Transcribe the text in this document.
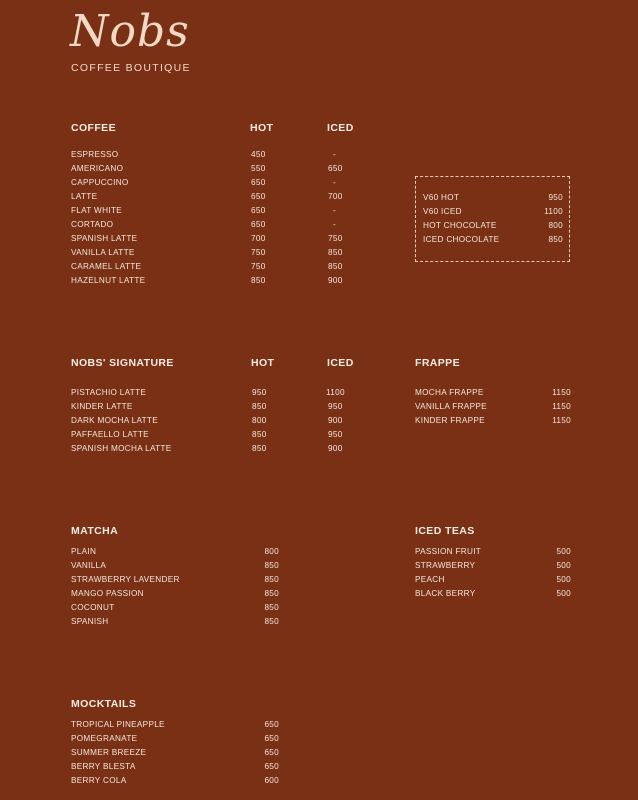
Nobs
COFFEE BOUTIQUE
COFFEE	HOT	ICED
ESPRESSO	450	-
AMERICANO	550	650
CAPPUCCINO	650	-
LATTE	650	700
FLAT WHITE	650	-
CORTADO	650	-
SPANISH LATTE	700	750
VANILLA LATTE	750	850
CARAMEL LATTE	750	850
HAZELNUT LATTE	850	900
V60 HOT	950
V60 ICED	1100
HOT CHOCOLATE	800
ICED CHOCOLATE	850
NOBS' SIGNATURE	HOT	ICED
PISTACHIO LATTE	950	1100
KINDER LATTE	850	950
DARK MOCHA LATTE	800	900
PAFFAELLO LATTE	850	950
SPANISH MOCHA LATTE	850	900
FRAPPE
MOCHA FRAPPE	1150
VANILLA FRAPPE	1150
KINDER FRAPPE	1150
MATCHA
PLAIN	800
VANILLA	850
STRAWBERRY LAVENDER	850
MANGO PASSION	850
COCONUT	850
SPANISH	850
ICED TEAS
PASSION FRUIT	500
STRAWBERRY	500
PEACH	500
BLACK BERRY	500
MOCKTAILS
TROPICAL PINEAPPLE	650
POMEGRANATE	650
SUMMER BREEZE	650
BERRY BLESTA	650
BERRY COLA	600
